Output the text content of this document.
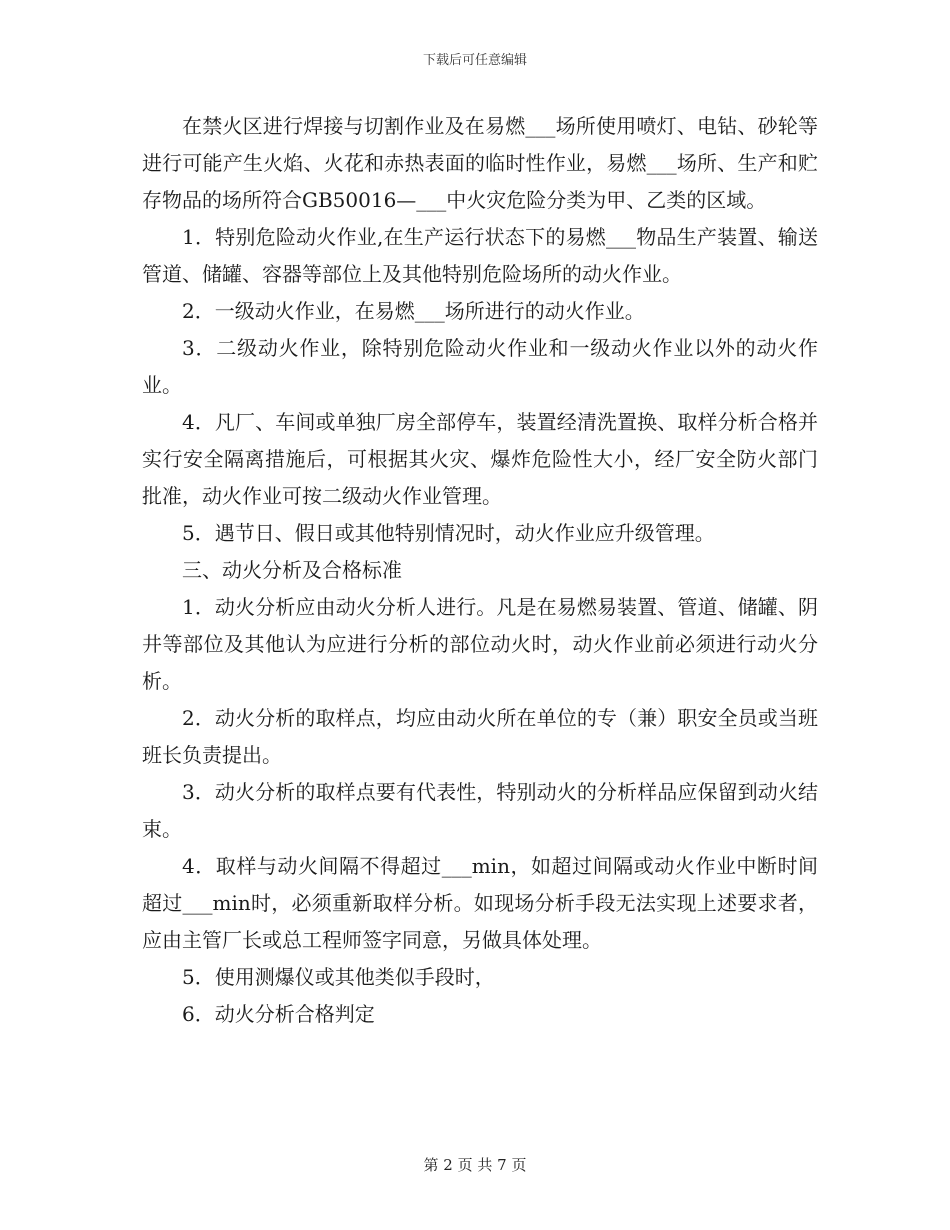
下载后可任意编辑

在禁火区进行焊接与切割作业及在易燃___场所使用喷灯、电钻、砂轮等进行可能产生火焰、火花和赤热表面的临时性作业，易燃___场所、生产和贮存物品的场所符合GB50016—___中火灾危险分类为甲、乙类的区域。

1．特别危险动火作业,在生产运行状态下的易燃___物品生产装置、输送管道、储罐、容器等部位上及其他特别危险场所的动火作业。

2．一级动火作业，在易燃___场所进行的动火作业。

3．二级动火作业，除特别危险动火作业和一级动火作业以外的动火作业。

4．凡厂、车间或单独厂房全部停车，装置经清洗置换、取样分析合格并实行安全隔离措施后，可根据其火灾、爆炸危险性大小，经厂安全防火部门批准，动火作业可按二级动火作业管理。

5．遇节日、假日或其他特别情况时，动火作业应升级管理。

三、动火分析及合格标准

1．动火分析应由动火分析人进行。凡是在易燃易装置、管道、储罐、阴井等部位及其他认为应进行分析的部位动火时，动火作业前必须进行动火分析。

2．动火分析的取样点，均应由动火所在单位的专（兼）职安全员或当班班长负责提出。

3．动火分析的取样点要有代表性，特别动火的分析样品应保留到动火结束。

4．取样与动火间隔不得超过___min，如超过间隔或动火作业中断时间超过___min时，必须重新取样分析。如现场分析手段无法实现上述要求者，应由主管厂长或总工程师签字同意，另做具体处理。

5．使用测爆仪或其他类似手段时，

6．动火分析合格判定

第 2 页 共 7 页
